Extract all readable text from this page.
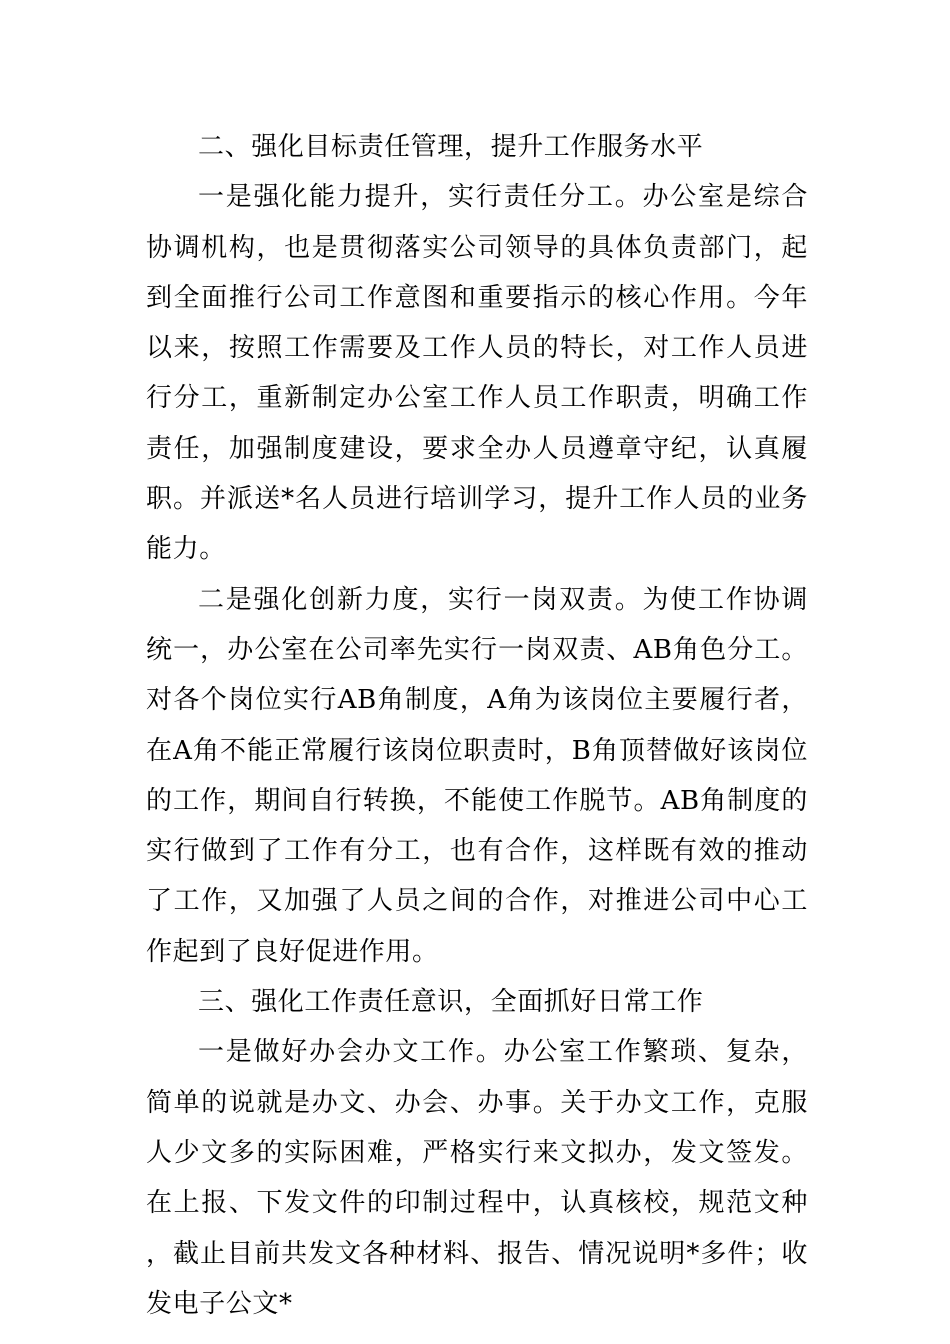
二、强化目标责任管理，提升工作服务水平

一是强化能力提升，实行责任分工。办公室是综合协调机构，也是贯彻落实公司领导的具体负责部门，起到全面推行公司工作意图和重要指示的核心作用。今年以来，按照工作需要及工作人员的特长，对工作人员进行分工，重新制定办公室工作人员工作职责，明确工作责任，加强制度建设，要求全办人员遵章守纪，认真履职。并派送*名人员进行培训学习，提升工作人员的业务能力。

二是强化创新力度，实行一岗双责。为使工作协调统一，办公室在公司率先实行一岗双责、AB角色分工。对各个岗位实行AB角制度，A角为该岗位主要履行者，在A角不能正常履行该岗位职责时，B角顶替做好该岗位的工作，期间自行转换，不能使工作脱节。AB角制度的实行做到了工作有分工，也有合作，这样既有效的推动了工作，又加强了人员之间的合作，对推进公司中心工作起到了良好促进作用。

三、强化工作责任意识，全面抓好日常工作

一是做好办会办文工作。办公室工作繁琐、复杂，简单的说就是办文、办会、办事。关于办文工作，克服人少文多的实际困难，严格实行来文拟办，发文签发。在上报、下发文件的印制过程中，认真核校，规范文种，截止目前共发文各种材料、报告、情况说明*多件；收发电子公文*
